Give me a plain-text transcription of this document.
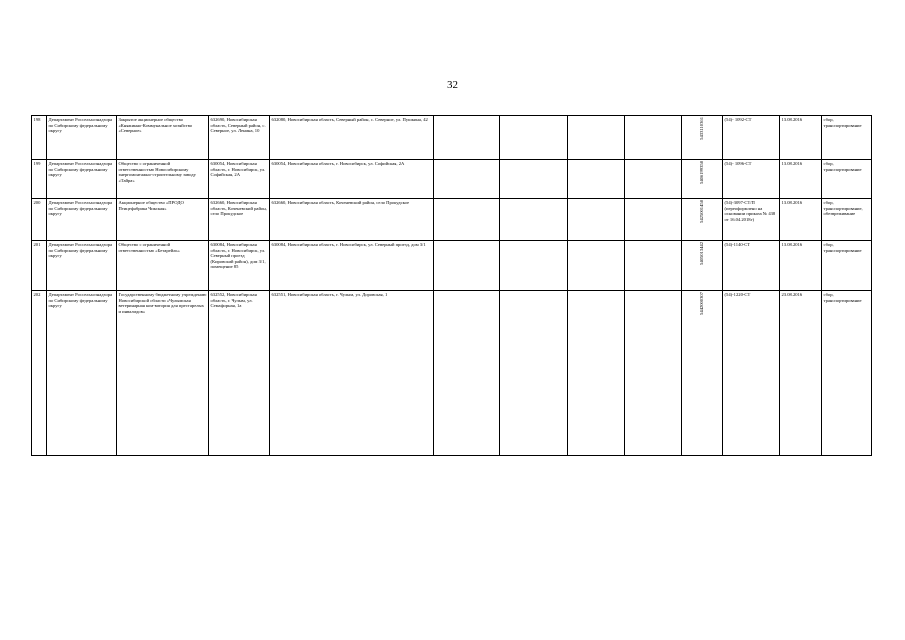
32
198	Департамент Россельхознадзора по Сибирскому федеральному округу	Закрытое акционерное общество «Княжинно-Коммунальное хозяйство «Северное»	632690, Новосибирская область, Северный район, с. Северное, ул. Ленина, 10	632080, Новосибирская область, Северный район, с. Северное, ул. Пушкина, 42					5433110361	(54)- 1092-СТ	13.08.2016	сбор, транспортирование
199	Департамент Россельхознадзора по Сибирскому федеральному округу	Общество с ограниченной ответственностью Новосибирскому энергомонтажно-строительному заводу «Тайра»	630054, Новосибирская область, г. Новосибирск, ул. Софийская, 2А	630054, Новосибирская область, г. Новосибирск, ул. Софийская, 2А					5406199358	(54)- 1096-СТ	13.08.2016	сбор, транспортирование
200	Департамент Россельхознадзора по Сибирскому федеральному округу	Акционерное общество «ПРОДО Птицефабрика Чикская»	632660, Новосибирская область, Коченевский район, село Прокудское	632660, Новосибирская область, Коченевский район, село Прокудское					5425001458	(54)-3097-СТ/П (переоформлено на основании приказа № 438 от 16.04.2018г)	13.08.2016	сбор, транспортирование, обезвреживание
201	Департамент Россельхознадзора по Сибирскому федеральному округу	Общество с ограниченной ответственностью «Бетарейль»	630084, Новосибирская область, г. Новосибирск, ул. Северный проезд (Кировский район), дом 3/1, помещение 85	630084, Новосибирская область, г. Новосибирск, ул. Северный проезд, дом 3/1					5405013442	(54)-1140-СТ	13.08.2016	сбор, транспортирование
202	Департамент Россельхознадзора по Сибирскому федеральному округу	Государственному бюджетному учреждению Новосибирской области «Чулымская ветеринарная ком-ватория для престарелых и инвалидов»	632552, Новосибирская область, г. Чулым, ул. Семафорная, 1а	632551, Новосибирская область, г. Чулым, ул. Доровская, 1					5442000307	(54)-1220-СТ	23.08.2016	сбор, транспортирование
